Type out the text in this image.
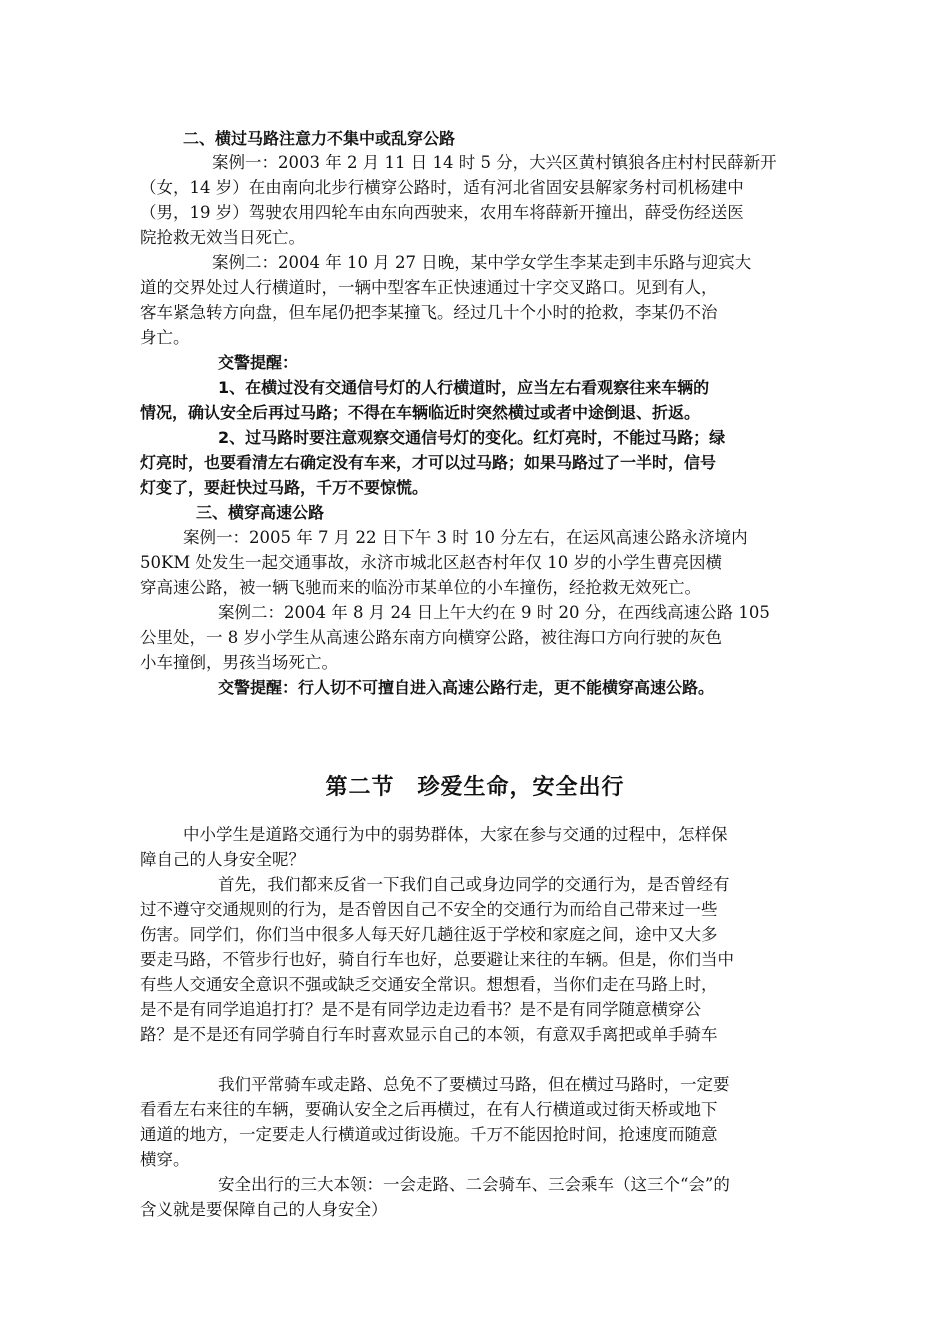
二、横过马路注意力不集中或乱穿公路
案例一：2003 年 2 月 11 日 14 时 5 分，大兴区黄村镇狼各庄村村民薛新开
（女，14 岁）在由南向北步行横穿公路时，适有河北省固安县解家务村司机杨建中
（男，19 岁）驾驶农用四轮车由东向西驶来，农用车将薛新开撞出，薛受伤经送医
院抢救无效当日死亡。
案例二：2004 年 10 月 27 日晚，某中学女学生李某走到丰乐路与迎宾大
道的交界处过人行横道时，一辆中型客车正快速通过十字交叉路口。见到有人，
客车紧急转方向盘，但车尾仍把李某撞飞。经过几十个小时的抢救，李某仍不治
身亡。
交警提醒：
1、在横过没有交通信号灯的人行横道时，应当左右看观察往来车辆的
情况，确认安全后再过马路；不得在车辆临近时突然横过或者中途倒退、折返。
2、过马路时要注意观察交通信号灯的变化。红灯亮时，不能过马路；绿
灯亮时，也要看清左右确定没有车来，才可以过马路；如果马路过了一半时，信号
灯变了，要赶快过马路，千万不要惊慌。
三、横穿高速公路
案例一：2005 年 7 月 22 日下午 3 时 10 分左右，在运风高速公路永济境内
50KM 处发生一起交通事故，永济市城北区赵杏村年仅 10 岁的小学生曹亮因横
穿高速公路，被一辆飞驰而来的临汾市某单位的小车撞伤，经抢救无效死亡。
案例二：2004 年 8 月 24 日上午大约在 9 时 20 分，在西线高速公路 105
公里处，一 8 岁小学生从高速公路东南方向横穿公路，被往海口方向行驶的灰色
小车撞倒，男孩当场死亡。
交警提醒：行人切不可擅自进入高速公路行走，更不能横穿高速公路。
第二节　珍爱生命，安全出行
中小学生是道路交通行为中的弱势群体，大家在参与交通的过程中，怎样保
障自己的人身安全呢？
首先，我们都来反省一下我们自己或身边同学的交通行为，是否曾经有
过不遵守交通规则的行为，是否曾因自己不安全的交通行为而给自己带来过一些
伤害。同学们，你们当中很多人每天好几趟往返于学校和家庭之间，途中又大多
要走马路，不管步行也好，骑自行车也好，总要避让来往的车辆。但是，你们当中
有些人交通安全意识不强或缺乏交通安全常识。想想看，当你们走在马路上时，
是不是有同学追追打打？是不是有同学边走边看书？是不是有同学随意横穿公
路？是不是还有同学骑自行车时喜欢显示自己的本领，有意双手离把或单手骑车
我们平常骑车或走路、总免不了要横过马路，但在横过马路时，一定要
看看左右来往的车辆，要确认安全之后再横过，在有人行横道或过街天桥或地下
通道的地方，一定要走人行横道或过街设施。千万不能因抢时间，抢速度而随意
横穿。
安全出行的三大本领：一会走路、二会骑车、三会乘车（这三个“会”的
含义就是要保障自己的人身安全）
